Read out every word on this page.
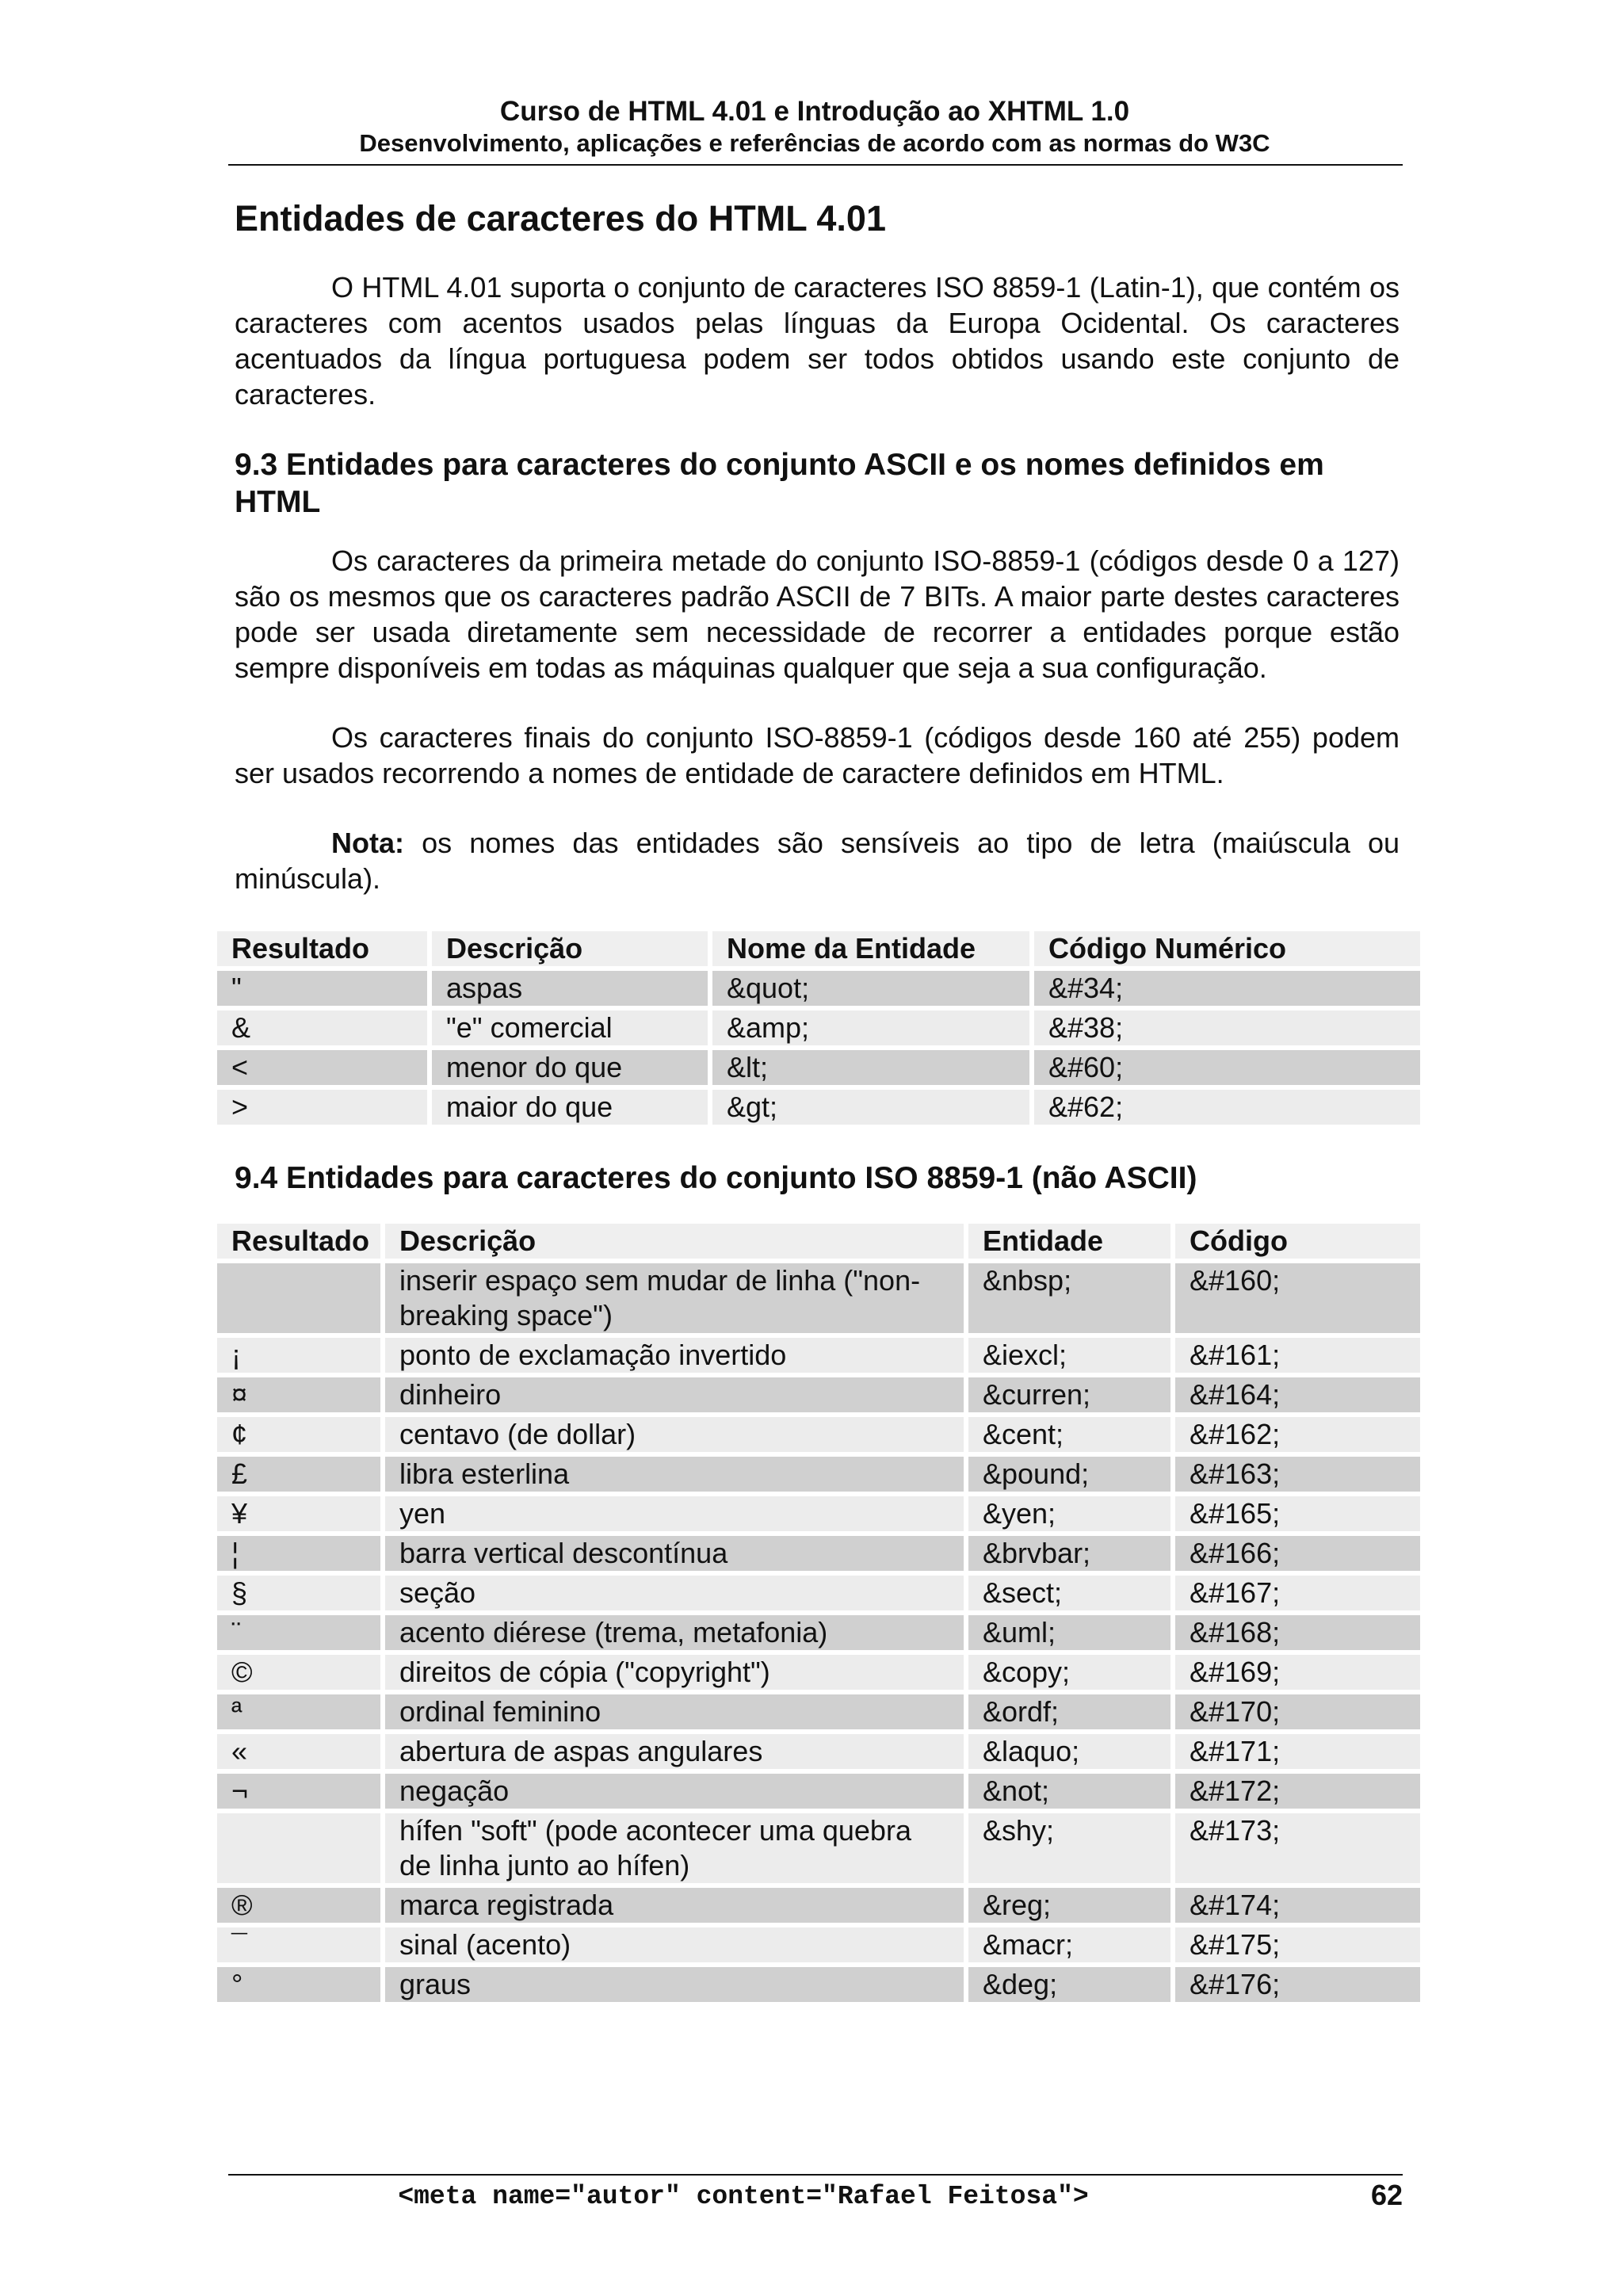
Curso de HTML 4.01 e Introdução ao XHTML 1.0
Desenvolvimento, aplicações e referências de acordo com as normas do W3C
Entidades de caracteres do HTML 4.01

O HTML 4.01 suporta o conjunto de caracteres ISO 8859-1 (Latin-1), que contém os caracteres com acentos usados pelas línguas da Europa Ocidental. Os caracteres acentuados da língua portuguesa podem ser todos obtidos usando este conjunto de caracteres.

9.3 Entidades para caracteres do conjunto ASCII e os nomes definidos em HTML

Os caracteres da primeira metade do conjunto ISO-8859-1 (códigos desde 0 a 127) são os mesmos que os caracteres padrão ASCII de 7 BITs. A maior parte destes caracteres pode ser usada diretamente sem necessidade de recorrer a entidades porque estão sempre disponíveis em todas as máquinas qualquer que seja a sua configuração.

Os caracteres finais do conjunto ISO-8859-1 (códigos desde 160 até 255) podem ser usados recorrendo a nomes de entidade de caractere definidos em HTML.

Nota: os nomes das entidades são sensíveis ao tipo de letra (maiúscula ou minúscula).

Resultado	Descrição	Nome da Entidade	Código Numérico
"	aspas	&quot;	&#34;
&	"e" comercial	&amp;	&#38;
<	menor do que	&lt;	&#60;
>	maior do que	&gt;	&#62;
9.4 Entidades para caracteres do conjunto ISO 8859-1 (não ASCII)
Resultado	Descrição	Entidade	Código
	inserir espaço sem mudar de linha ("non-breaking space")	&nbsp;	&#160;
¡	ponto de exclamação invertido	&iexcl;	&#161;
¤	dinheiro	&curren;	&#164;
¢	centavo (de dollar)	&cent;	&#162;
£	libra esterlina	&pound;	&#163;
¥	yen	&yen;	&#165;
¦	barra vertical descontínua	&brvbar;	&#166;
§	seção	&sect;	&#167;
¨	acento diérese (trema, metafonia)	&uml;	&#168;
©	direitos de cópia ("copyright")	&copy;	&#169;
ª	ordinal feminino	&ordf;	&#170;
«	abertura de aspas angulares	&laquo;	&#171;
¬	negação	&not;	&#172;
	hífen "soft" (pode acontecer uma quebra de linha junto ao hífen)	&shy;	&#173;
®	marca registrada	&reg;	&#174;
¯	sinal (acento)	&macr;	&#175;
°	graus	&deg;	&#176;
<meta name="autor" content="Rafael Feitosa">	62
